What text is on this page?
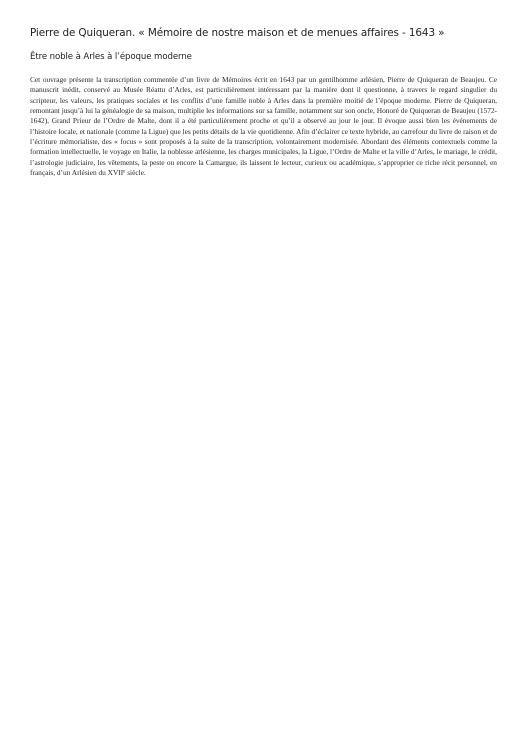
Pierre de Quiqueran. « Mémoire de nostre maison et de menues affaires - 1643 »
Être noble à Arles à l’époque moderne

Cet ouvrage présente la transcription commentée d’un livre de Mémoires écrit en 1643 par un gentilhomme arlésien, Pierre de Quiqueran de Beaujeu. Ce manuscrit inédit, conservé au Musée Réattu d’Arles, est particulièrement intéressant par la manière dont il questionne, à travers le regard singulier du scripteur, les valeurs, les pratiques sociales et les conflits d’une famille noble à Arles dans la première moitié de l’époque moderne. Pierre de Quiqueran, remontant jusqu’à lui la généalogie de sa maison, multiplie les informations sur sa famille, notamment sur son oncle, Honoré de Quiqueran de Beaujeu (1572-1642), Grand Prieur de l’Ordre de Malte, dont il a été particulièrement proche et qu’il a observé au jour le jour. Il évoque aussi bien les événements de l’histoire locale, et nationale (comme la Ligue) que les petits détails de la vie quotidienne. Afin d’éclairer ce texte hybride, au carrefour du livre de raison et de l’écriture mémorialiste, des « focus » sont proposés à la suite de la transcription, volontairement modernisée. Abordant des éléments contextuels comme la formation intellectuelle, le voyage en Italie, la noblesse arlésienne, les charges municipales, la Ligue, l’Ordre de Malte et la ville d’Arles, le mariage, le crédit, l’astrologie judiciaire, les vêtements, la peste ou encore la Camargue, ils laissent le lecteur, curieux ou académique, s’approprier ce riche récit personnel, en français, d’un Arlésien du XVIIe siècle.
